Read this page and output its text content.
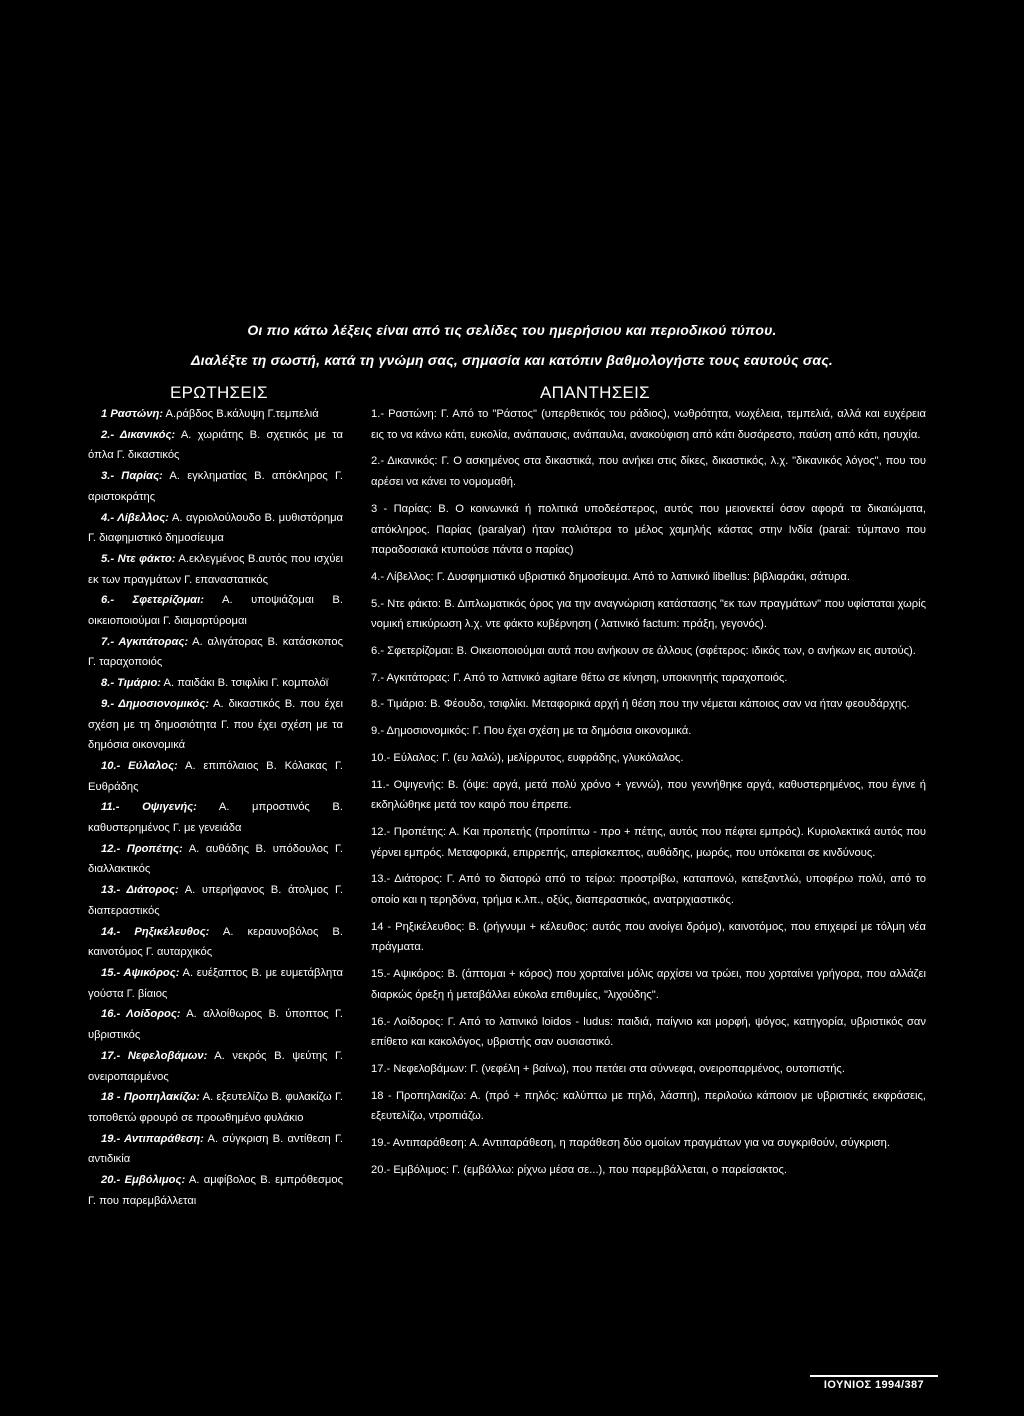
Οι πιο κάτω λέξεις είναι από τις σελίδες του ημερήσιου και περιοδικού τύπου.
Διαλέξτε τη σωστή, κατά τη γνώμη σας, σημασία και κατόπιν βαθμολογήστε τους εαυτούς σας.
ΕΡΩΤΗΣΕΙΣ	ΑΠΑΝΤΗΣΕΙΣ

1 Ραστώνη: Α.ράβδος Β.κάλυψη Γ.τεμπελιά

2.- Δικανικός: Α. χωριάτης Β. σχετικός με τα όπλα Γ. δικαστικός

3.- Παρίας: Α. εγκληματίας Β. απόκληρος Γ. αριστοκράτης

4.- Λίβελλος: Α. αγριολούλουδο Β. μυθιστόρημα Γ. διαφημιστικό δημοσίευμα

5.- Ντε φάκτο: Α.εκλεγμένος Β.αυτός που ισχύει εκ των πραγμάτων Γ. επαναστατικός

6.- Σφετερίζομαι: Α. υποψιάζομαι Β. οικειοποιούμαι Γ. διαμαρτύρομαι

7.- Αγκιτάτορας: Α. αλιγάτορας Β. κατάσκοπος Γ. ταραχοποιός

8.- Τιμάριο: Α. παιδάκι Β. τσιφλίκι Γ. κομπολόϊ

9.- Δημοσιονομικός: Α. δικαστικός Β. που έχει σχέση με τη δημοσιότητα Γ. που έχει σχέση με τα δημόσια οικονομικά

10.- Εύλαλος: Α. επιπόλαιος Β. Κόλακας Γ. Ευθράδης

11.- Οψιγενής: Α. μπροστινός Β. καθυστερημένος Γ. με γενειάδα

12.- Προπέτης: Α. αυθάδης Β. υπόδουλος Γ. διαλλακτικός

13.- Διάτορος: Α. υπερήφανος Β. άτολμος Γ. διαπεραστικός

14.- Ρηξικέλευθος: Α. κεραυνοβόλος Β. καινοτόμος Γ. αυταρχικός

15.- Αψικόρος: Α. ευέξαπτος Β. με ευμετάβλητα γούστα Γ. βίαιος

16.- Λοίδορος: Α. αλλοίθωρος Β. ύποπτος Γ. υβριστικός

17.- Νεφελοβάμων: Α. νεκρός Β. ψεύτης Γ. ονειροπαρμένος

18 - Προπηλακίζω: Α. εξευτελίζω Β. φυλακίζω Γ. τοποθετώ φρουρό σε προωθημένο φυλάκιο

19.- Αντιπαράθεση: Α. σύγκριση Β. αντίθεση Γ. αντιδικία

20.- Εμβόλιμος: Α. αμφίβολος Β. εμπρόθεσμος Γ. που παρεμβάλλεται

1.- Ραστώνη: Γ. Από το "Ράστος" (υπερθετικός του ράδιος), νωθρότητα, νωχέλεια, τεμπελιά, αλλά και ευχέρεια εις το να κάνω κάτι, ευκολία, ανάπαυσις, ανάπαυλα, ανακούφιση από κάτι δυσάρεστο, παύση από κάτι, ησυχία.

2.- Δικανικός: Γ. Ο ασκημένος στα δικαστικά, που ανήκει στις δίκες, δικαστικός, λ.χ. "δικανικός λόγος", που του αρέσει να κάνει το νομομαθή.

3 - Παρίας: Β. Ο κοινωνικά ή πολιτικά υποδεέστερος, αυτός που μειονεκτεί όσον αφορά τα δικαιώματα, απόκληρος. Παρίας (paralyar) ήταν παλιότερα το μέλος χαμηλής κάστας στην Ινδία (parai: τύμπανο που παραδοσιακά κτυπούσε πάντα ο παρίας)

4.- Λίβελλος: Γ. Δυσφημιστικό υβριστικό δημοσίευμα. Από το λατινικό libellus: βιβλιαράκι, σάτυρα.

5.- Ντε φάκτο: Β. Διπλωματικός όρος για την αναγνώριση κατάστασης "εκ των πραγμάτων" που υφίσταται χωρίς νομική επικύρωση λ.χ. ντε φάκτο κυβέρνηση ( λατινικό factum: πράξη, γεγονός).

6.- Σφετερίζομαι: Β. Οικειοποιούμαι αυτά που ανήκουν σε άλλους (σφέτερος: ιδικός των, ο ανήκων εις αυτούς).

7.- Αγκιτάτορας: Γ. Από το λατινικό agitare θέτω σε κίνηση, υποκινητής ταραχοποιός.

8.- Τιμάριο: Β. Φέουδο, τσιφλίκι. Μεταφορικά αρχή ή θέση που την νέμεται κάποιος σαν να ήταν φεουδάρχης.

9.- Δημοσιονομικός: Γ. Που έχει σχέση με τα δημόσια οικονομικά.

10.- Εύλαλος: Γ. (ευ λαλώ), μελίρρυτος, ευφράδης, γλυκόλαλος.

11.- Οψιγενής: Β. (όψε: αργά, μετά πολύ χρόνο + γεννώ), που γεννήθηκε αργά, καθυστερημένος, που έγινε ή εκδηλώθηκε μετά τον καιρό που έπρεπε.

12.- Προπέτης: Α. Και προπετής (προπίπτω - προ + πέτης, αυτός που πέφτει εμπρός). Κυριολεκτικά αυτός που γέρνει εμπρός. Μεταφορικά, επιρρεπής, απερίσκεπτος, αυθάδης, μωρός, που υπόκειται σε κινδύνους.

13.- Διάτορος: Γ. Από το διατορώ από το τείρω: προστρίβω, καταπονώ, κατεξαντλώ, υποφέρω πολύ, από το οποίο και η τερηδόνα, τρήμα κ.λπ., οξύς, διαπεραστικός, ανατριχιαστικός.

14 - Ρηξικέλευθος: Β. (ρήγνυμι + κέλευθος: αυτός που ανοίγει δρόμο), καινοτόμος, που επιχειρεί με τόλμη νέα πράγματα.

15.- Αψικόρος: Β. (άπτομαι + κόρος) που χορταίνει μόλις αρχίσει να τρώει, που χορταίνει γρήγορα, που αλλάζει διαρκώς όρεξη ή μεταβάλλει εύκολα επιθυμίες, "λιχούδης".

16.- Λοίδορος: Γ. Από το λατινικό loidos - ludus: παιδιά, παίγνιο και μορφή, ψόγος, κατηγορία, υβριστικός σαν επίθετο και κακολόγος, υβριστής σαν ουσιαστικό.

17.- Νεφελοβάμων: Γ. (νεφέλη + βαίνω), που πετάει στα σύννεφα, ονειροπαρμένος, ουτοπιστής.

18 - Προπηλακίζω: Α. (πρό + πηλός: καλύπτω με πηλό, λάσπη), περιλούω κάποιον με υβριστικές εκφράσεις, εξευτελίζω, ντροπιάζω.

19.- Αντιπαράθεση: Α. Αντιπαράθεση, η παράθεση δύο ομοίων πραγμάτων για να συγκριθούν, σύγκριση.

20.- Εμβόλιμος: Γ. (εμβάλλω: ρίχνω μέσα σε...), που παρεμβάλλεται, ο παρείσακτος.

ΙΟΥΝΙΟΣ 1994/387
